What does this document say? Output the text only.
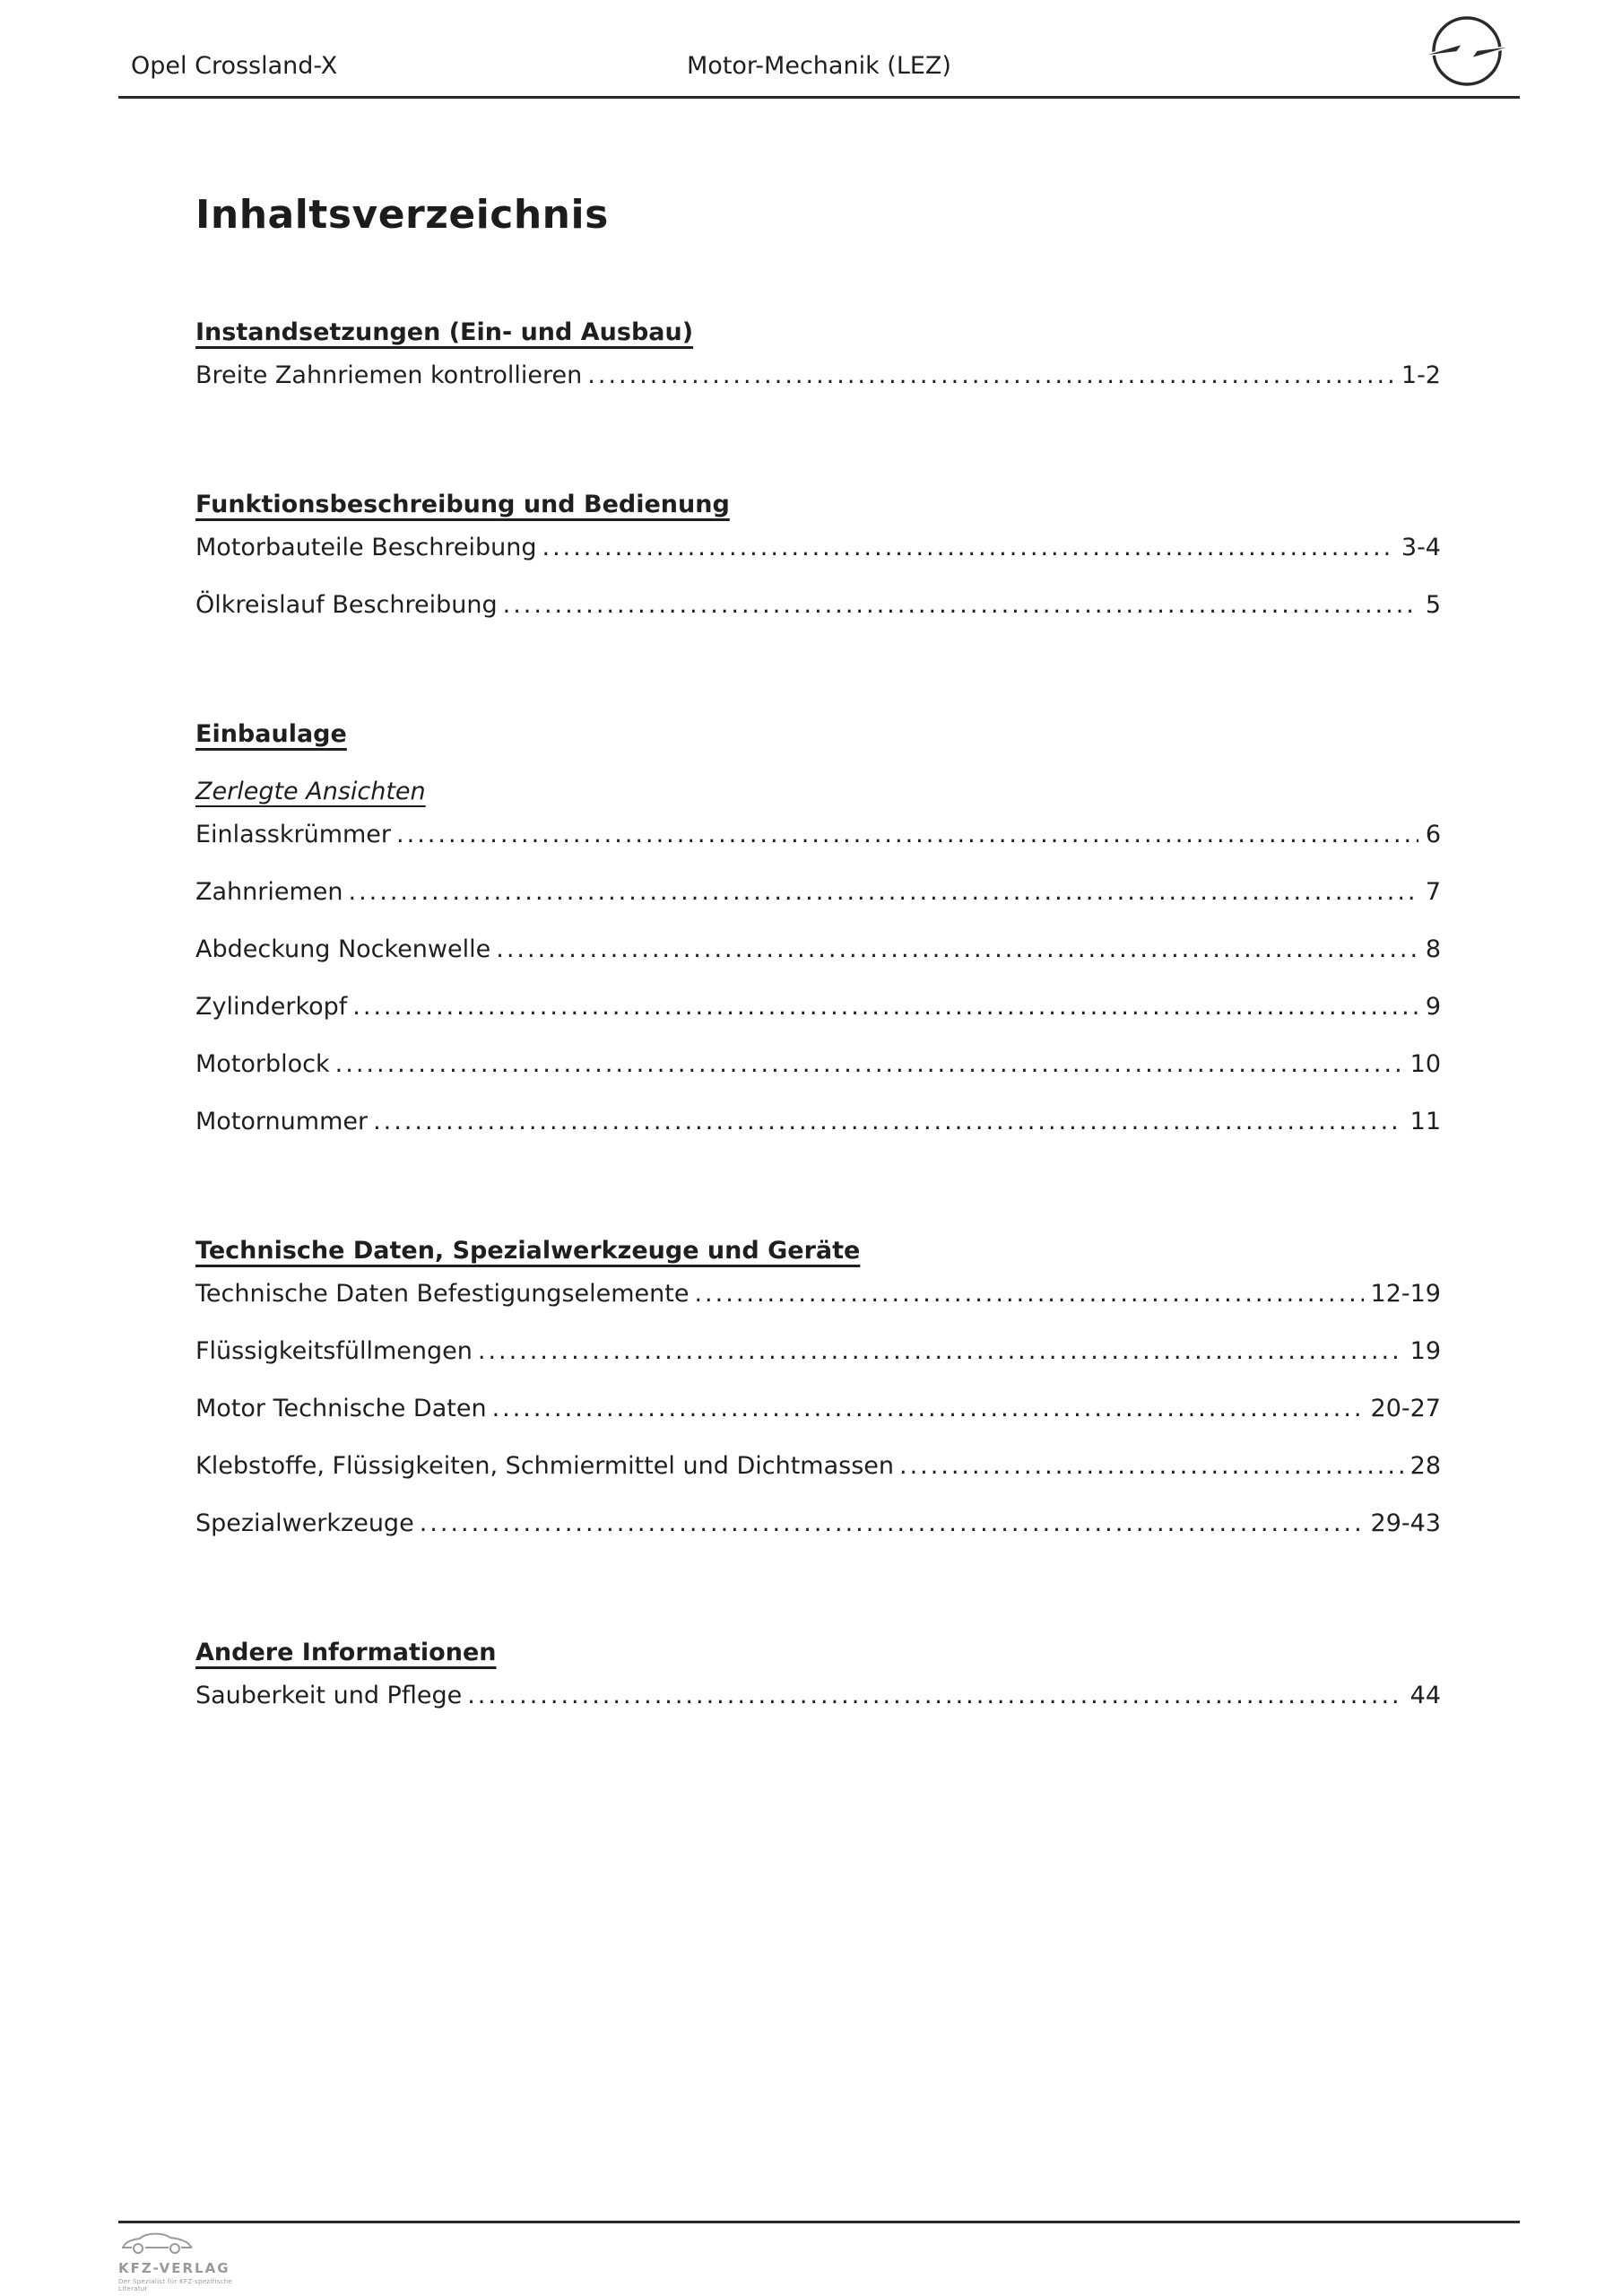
Opel Crossland-X	Motor-Mechanik (LEZ)
Inhaltsverzeichnis
Instandsetzungen (Ein- und Ausbau)
Breite Zahnriemen kontrollieren .....	1-2
Funktionsbeschreibung und Bedienung
Motorbauteile Beschreibung .....	3-4
Ölkreislauf Beschreibung .....	5
Einbaulage
Zerlegte Ansichten
Einlasskrümmer .....	6
Zahnriemen .....	7
Abdeckung Nockenwelle .....	8
Zylinderkopf .....	9
Motorblock .....	10
Motornummer .....	11
Technische Daten, Spezialwerkzeuge und Geräte
Technische Daten Befestigungselemente .....	12-19
Flüssigkeitsfüllmengen .....	19
Motor Technische Daten .....	20-27
Klebstoffe, Flüssigkeiten, Schmiermittel und Dichtmassen .....	28
Spezialwerkzeuge .....	29-43
Andere Informationen
Sauberkeit und Pflege .....	44
KFZ-VERLAG
Der Spezialist für KFZ-spezifische Literatur
